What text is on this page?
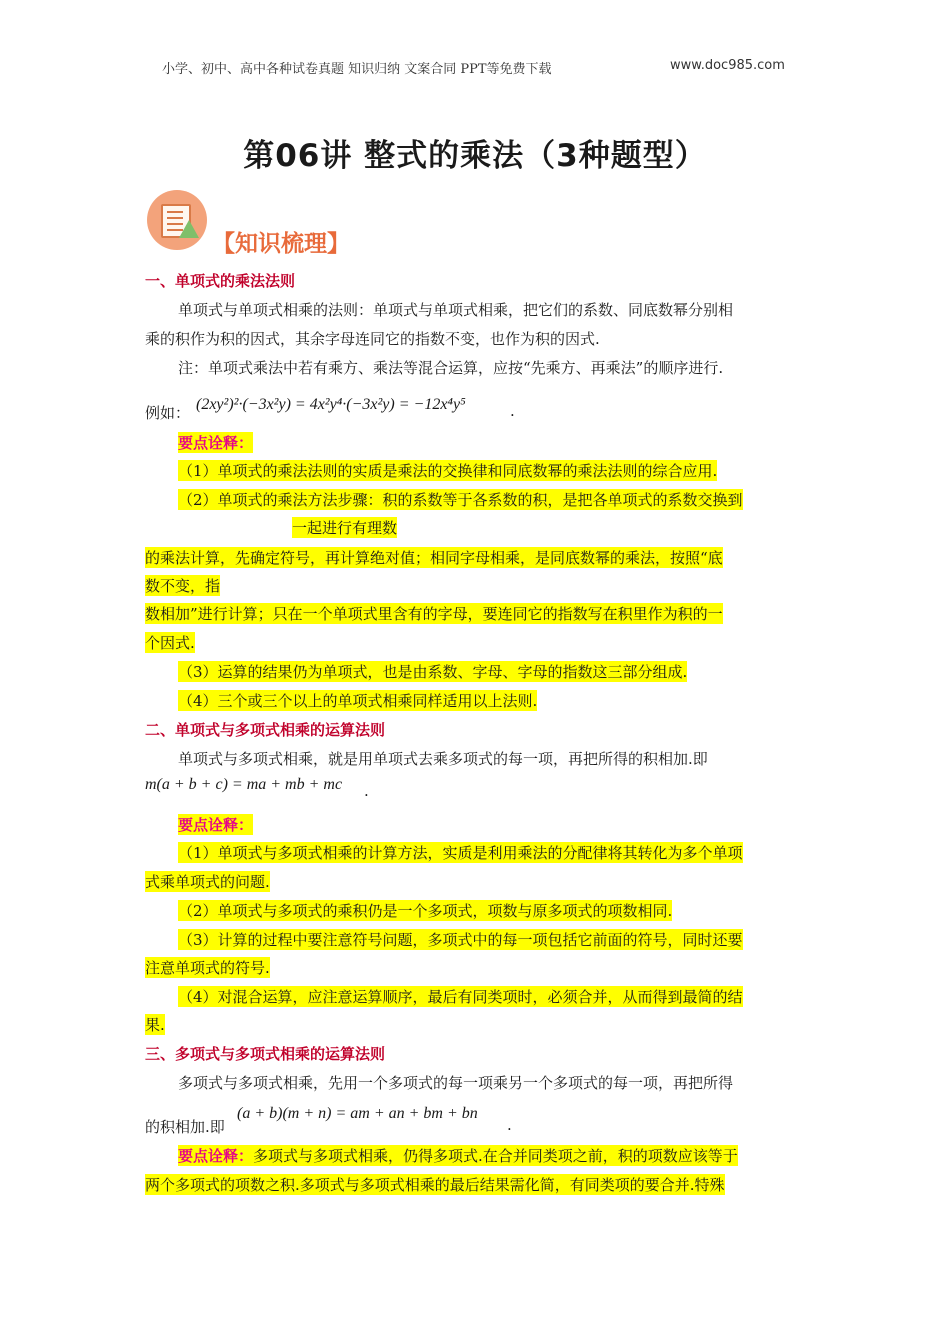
小学、初中、高中各种试卷真题 知识归纳 文案合同 PPT等免费下载	www.doc985.com
第06讲 整式的乘法（3种题型）
【知识梳理】
一、单项式的乘法法则
单项式与单项式相乘的法则：单项式与单项式相乘，把它们的系数、同底数幂分别相
乘的积作为积的因式，其余字母连同它的指数不变，也作为积的因式.
注：单项式乘法中若有乘方、乘法等混合运算，应按“先乘方、再乘法”的顺序进行.
例如： (2xy²)²·(−3x²y) = 4x²y⁴·(−3x²y) = −12x⁴y⁵	.
要点诠释：
（1）单项式的乘法法则的实质是乘法的交换律和同底数幂的乘法法则的综合应用.
（2）单项式的乘法方法步骤：积的系数等于各系数的积，是把各单项式的系数交换到
一起进行有理数
的乘法计算，先确定符号，再计算绝对值；相同字母相乘，是同底数幂的乘法，按照“底
数不变，指
数相加”进行计算；只在一个单项式里含有的字母，要连同它的指数写在积里作为积的一
个因式.
（3）运算的结果仍为单项式，也是由系数、字母、字母的指数这三部分组成.
（4）三个或三个以上的单项式相乘同样适用以上法则.
二、单项式与多项式相乘的运算法则
单项式与多项式相乘，就是用单项式去乘多项式的每一项，再把所得的积相加.即
m(a + b + c) = ma + mb + mc .
要点诠释：
（1）单项式与多项式相乘的计算方法，实质是利用乘法的分配律将其转化为多个单项
式乘单项式的问题.
（2）单项式与多项式的乘积仍是一个多项式，项数与原多项式的项数相同.
（3）计算的过程中要注意符号问题，多项式中的每一项包括它前面的符号，同时还要
注意单项式的符号.
（4）对混合运算，应注意运算顺序，最后有同类项时，必须合并，从而得到最简的结
果.
三、多项式与多项式相乘的运算法则
多项式与多项式相乘，先用一个多项式的每一项乘另一个多项式的每一项，再把所得
的积相加.即
(a + b)(m + n) = am + an + bm + bn
.
要点诠释：多项式与多项式相乘，仍得多项式.在合并同类项之前，积的项数应该等于
两个多项式的项数之积.多项式与多项式相乘的最后结果需化简，有同类项的要合并.特殊
